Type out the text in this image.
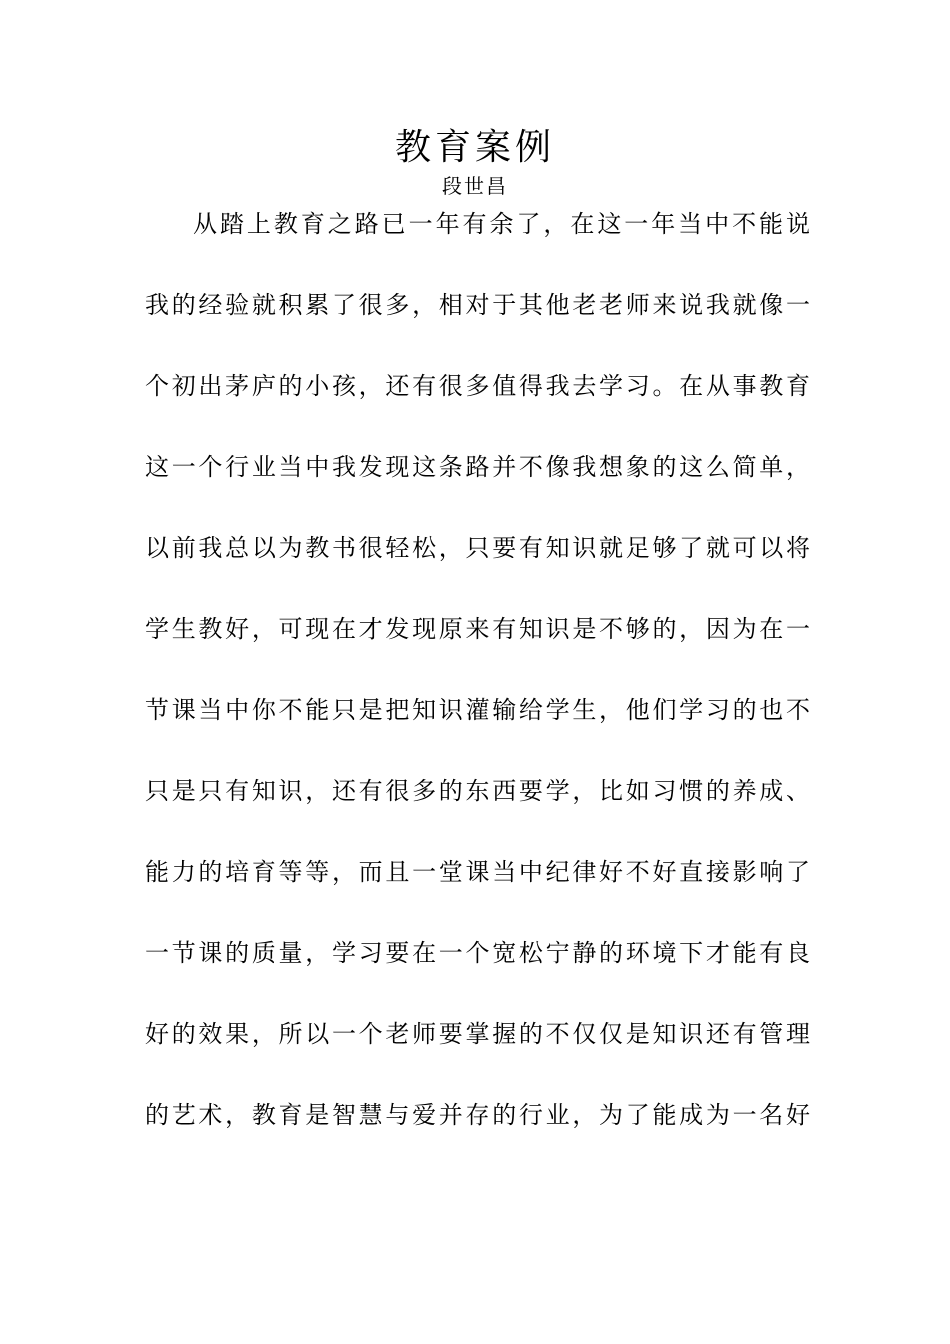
教育案例
段世昌
从踏上教育之路已一年有余了，在这一年当中不能说
我的经验就积累了很多，相对于其他老老师来说我就像一
个初出茅庐的小孩，还有很多值得我去学习。在从事教育
这一个行业当中我发现这条路并不像我想象的这么简单，
以前我总以为教书很轻松，只要有知识就足够了就可以将
学生教好，可现在才发现原来有知识是不够的，因为在一
节课当中你不能只是把知识灌输给学生，他们学习的也不
只是只有知识，还有很多的东西要学，比如习惯的养成、
能力的培育等等，而且一堂课当中纪律好不好直接影响了
一节课的质量，学习要在一个宽松宁静的环境下才能有良
好的效果，所以一个老师要掌握的不仅仅是知识还有管理
的艺术，教育是智慧与爱并存的行业，为了能成为一名好
